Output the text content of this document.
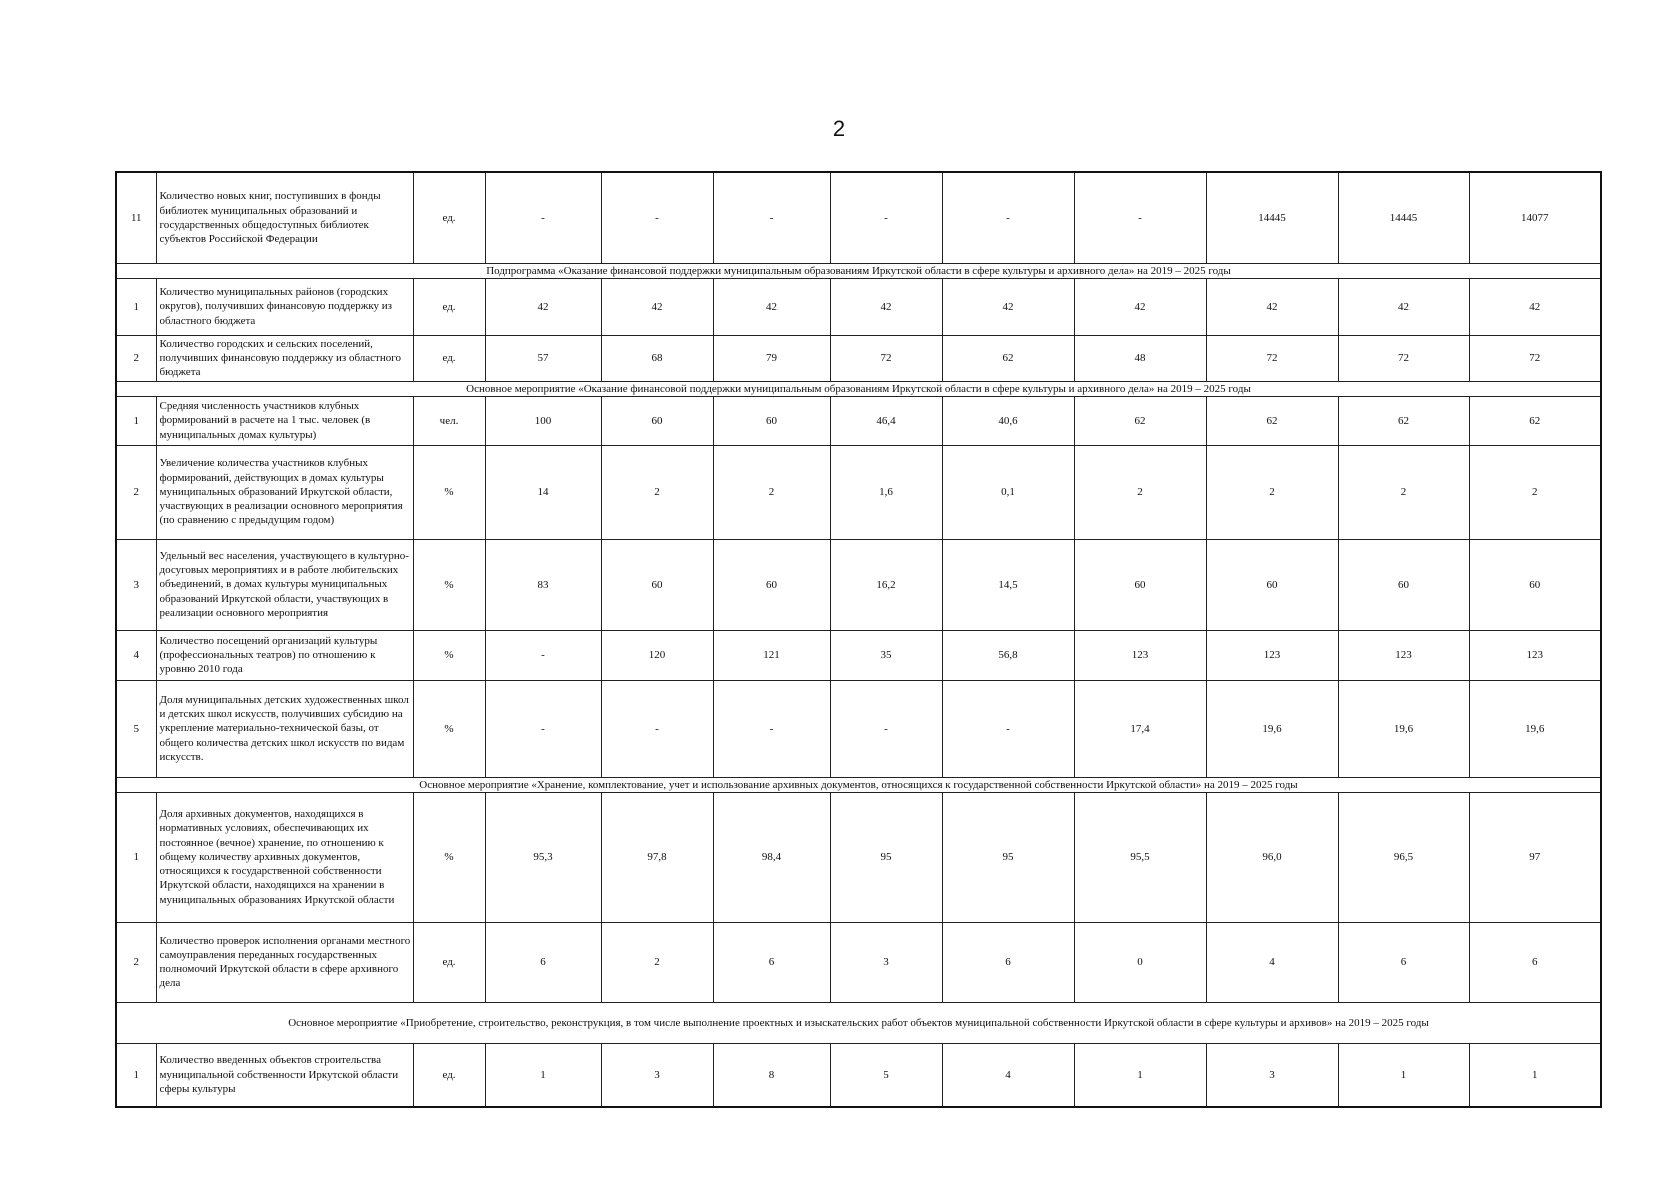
2
11	Количество новых книг, поступивших в фонды библиотек муниципальных образований и государственных общедоступных библиотек субъектов Российской Федерации	ед.	-	-	-	-	-	-	14445	14445	14077
Подпрограмма «Оказание финансовой поддержки муниципальным образованиям Иркутской области в сфере культуры и архивного дела» на 2019 – 2025 годы											
1	Количество муниципальных районов (городских округов), получивших финансовую поддержку из областного бюджета	ед.	42	42	42	42	42	42	42	42	42
2	Количество городских и сельских поселений, получивших финансовую поддержку из областного бюджета	ед.	57	68	79	72	62	48	72	72	72
Основное мероприятие «Оказание финансовой поддержки муниципальным образованиям Иркутской области в сфере культуры и архивного дела» на 2019 – 2025 годы											
1	Средняя численность участников клубных формирований в расчете на 1 тыс. человек (в муниципальных домах культуры)	чел.	100	60	60	46,4	40,6	62	62	62	62
2	Увеличение количества участников клубных формирований, действующих в домах культуры муниципальных образований Иркутской области, участвующих в реализации основного мероприятия (по сравнению с предыдущим годом)	%	14	2	2	1,6	0,1	2	2	2	2
3	Удельный вес населения, участвующего в культурно-досуговых мероприятиях и в работе любительских объединений, в домах культуры муниципальных образований Иркутской области, участвующих в реализации основного мероприятия	%	83	60	60	16,2	14,5	60	60	60	60
4	Количество посещений организаций культуры (профессиональных театров) по отношению к уровню 2010 года	%	-	120	121	35	56,8	123	123	123	123
5	Доля муниципальных детских художественных школ и детских школ искусств, получивших субсидию на укрепление материально-технической базы, от общего количества детских школ искусств по видам искусств.	%	-	-	-	-	-	17,4	19,6	19,6	19,6
Основное мероприятие «Хранение, комплектование, учет и использование архивных документов, относящихся к государственной собственности Иркутской области» на 2019 – 2025 годы											
1	Доля архивных документов, находящихся в нормативных условиях, обеспечивающих их постоянное (вечное) хранение, по отношению к общему количеству архивных документов, относящихся к государственной собственности Иркутской области, находящихся на хранении в муниципальных образованиях Иркутской области	%	95,3	97,8	98,4	95	95	95,5	96,0	96,5	97
2	Количество проверок исполнения органами местного самоуправления переданных государственных полномочий Иркутской области в сфере архивного дела	ед.	6	2	6	3	6	0	4	6	6
Основное мероприятие «Приобретение, строительство, реконструкция, в том числе выполнение проектных и изыскательских работ объектов муниципальной собственности Иркутской области в сфере культуры и архивов» на 2019 – 2025 годы											
1	Количество введенных объектов строительства муниципальной собственности Иркутской области сферы культуры	ед.	1	3	8	5	4	1	3	1	1
